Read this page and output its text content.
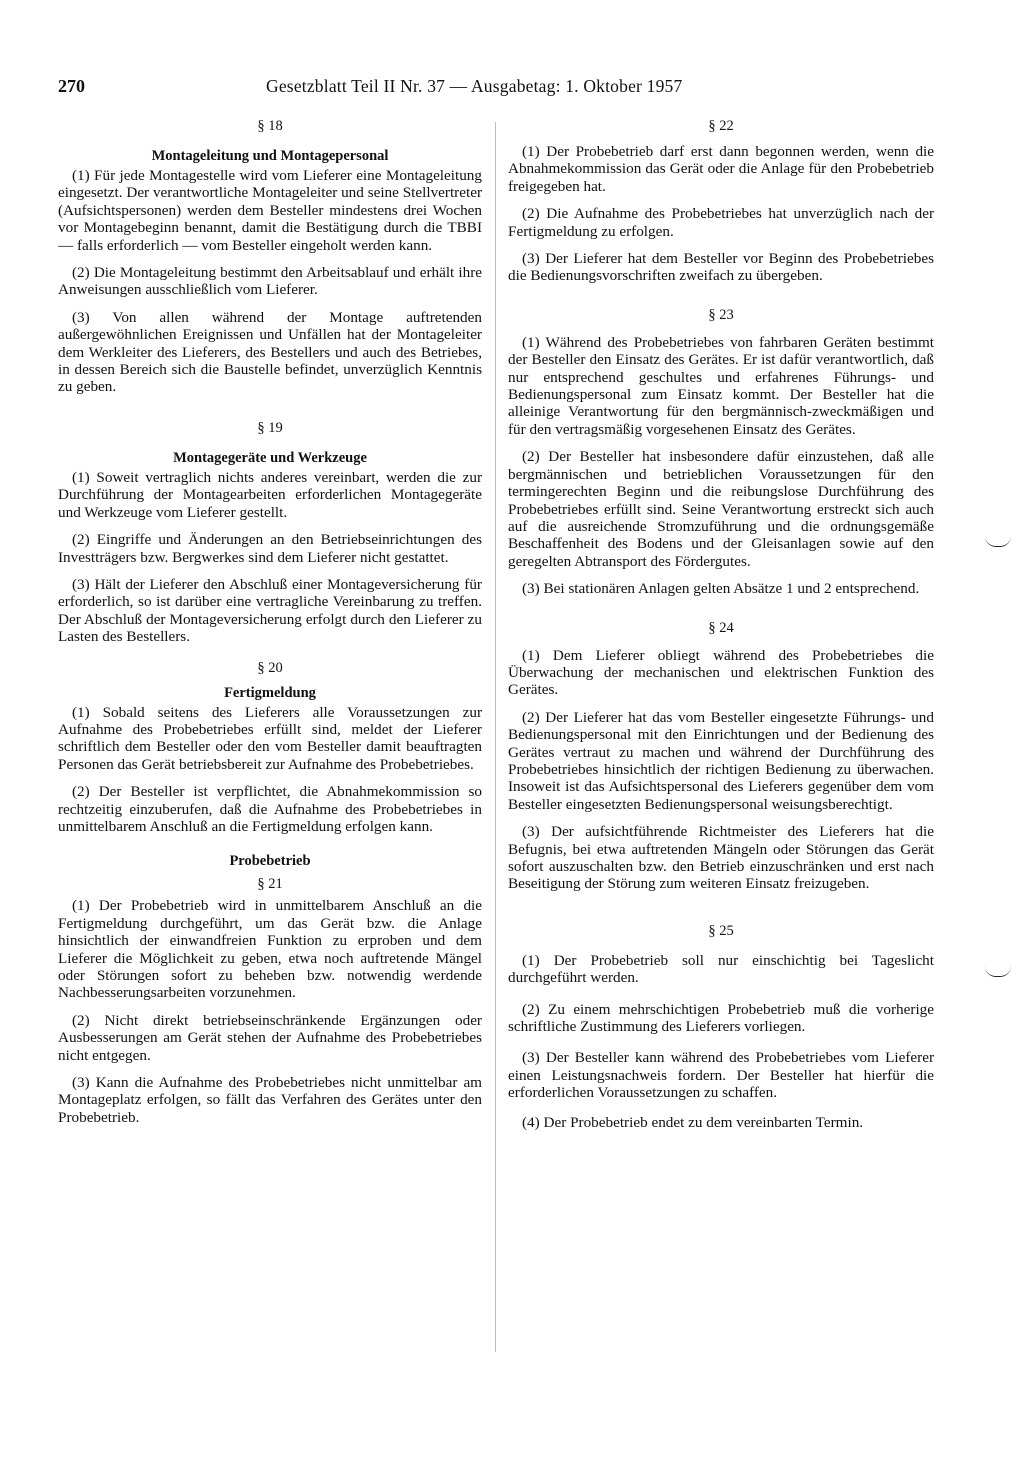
270	Gesetzblatt Teil II Nr. 37 — Ausgabetag: 1. Oktober 1957

§ 18

Montageleitung und Montagepersonal

(1) Für jede Montagestelle wird vom Lieferer eine Montageleitung eingesetzt. Der verantwortliche Montageleiter und seine Stellvertreter (Aufsichtspersonen) werden dem Besteller mindestens drei Wochen vor Montagebeginn benannt, damit die Bestätigung durch die TBBI — falls erforderlich — vom Besteller eingeholt werden kann.

(2) Die Montageleitung bestimmt den Arbeitsablauf und erhält ihre Anweisungen ausschließlich vom Lieferer.

(3) Von allen während der Montage auftretenden außergewöhnlichen Ereignissen und Unfällen hat der Montageleiter dem Werkleiter des Lieferers, des Bestellers und auch des Betriebes, in dessen Bereich sich die Baustelle befindet, unverzüglich Kenntnis zu geben.

§ 19

Montagegeräte und Werkzeuge

(1) Soweit vertraglich nichts anderes vereinbart, werden die zur Durchführung der Montagearbeiten erforderlichen Montagegeräte und Werkzeuge vom Lieferer gestellt.

(2) Eingriffe und Änderungen an den Betriebseinrichtungen des Investträgers bzw. Bergwerkes sind dem Lieferer nicht gestattet.

(3) Hält der Lieferer den Abschluß einer Montageversicherung für erforderlich, so ist darüber eine vertragliche Vereinbarung zu treffen. Der Abschluß der Montageversicherung erfolgt durch den Lieferer zu Lasten des Bestellers.

§ 20

Fertigmeldung

(1) Sobald seitens des Lieferers alle Voraussetzungen zur Aufnahme des Probebetriebes erfüllt sind, meldet der Lieferer schriftlich dem Besteller oder den vom Besteller damit beauftragten Personen das Gerät betriebsbereit zur Aufnahme des Probebetriebes.

(2) Der Besteller ist verpflichtet, die Abnahmekommission so rechtzeitig einzuberufen, daß die Aufnahme des Probebetriebes in unmittelbarem Anschluß an die Fertigmeldung erfolgen kann.

Probebetrieb

§ 21

(1) Der Probebetrieb wird in unmittelbarem Anschluß an die Fertigmeldung durchgeführt, um das Gerät bzw. die Anlage hinsichtlich der einwandfreien Funktion zu erproben und dem Lieferer die Möglichkeit zu geben, etwa noch auftretende Mängel oder Störungen sofort zu beheben bzw. notwendig werdende Nachbesserungsarbeiten vorzunehmen.

(2) Nicht direkt betriebseinschränkende Ergänzungen oder Ausbesserungen am Gerät stehen der Aufnahme des Probebetriebes nicht entgegen.

(3) Kann die Aufnahme des Probebetriebes nicht unmittelbar am Montageplatz erfolgen, so fällt das Verfahren des Gerätes unter den Probebetrieb.

§ 22

(1) Der Probebetrieb darf erst dann begonnen werden, wenn die Abnahmekommission das Gerät oder die Anlage für den Probebetrieb freigegeben hat.

(2) Die Aufnahme des Probebetriebes hat unverzüglich nach der Fertigmeldung zu erfolgen.

(3) Der Lieferer hat dem Besteller vor Beginn des Probebetriebes die Bedienungsvorschriften zweifach zu übergeben.

§ 23

(1) Während des Probebetriebes von fahrbaren Geräten bestimmt der Besteller den Einsatz des Gerätes. Er ist dafür verantwortlich, daß nur entsprechend geschultes und erfahrenes Führungs- und Bedienungspersonal zum Einsatz kommt. Der Besteller hat die alleinige Verantwortung für den bergmännisch-zweckmäßigen und für den vertragsmäßig vorgesehenen Einsatz des Gerätes.

(2) Der Besteller hat insbesondere dafür einzustehen, daß alle bergmännischen und betrieblichen Voraussetzungen für den termingerechten Beginn und die reibungslose Durchführung des Probebetriebes erfüllt sind. Seine Verantwortung erstreckt sich auch auf die ausreichende Stromzuführung und die ordnungsgemäße Beschaffenheit des Bodens und der Gleisanlagen sowie auf den geregelten Abtransport des Fördergutes.

(3) Bei stationären Anlagen gelten Absätze 1 und 2 entsprechend.

§ 24

(1) Dem Lieferer obliegt während des Probebetriebes die Überwachung der mechanischen und elektrischen Funktion des Gerätes.

(2) Der Lieferer hat das vom Besteller eingesetzte Führungs- und Bedienungspersonal mit den Einrichtungen und der Bedienung des Gerätes vertraut zu machen und während der Durchführung des Probebetriebes hinsichtlich der richtigen Bedienung zu überwachen. Insoweit ist das Aufsichtspersonal des Lieferers gegenüber dem vom Besteller eingesetzten Bedienungspersonal weisungsberechtigt.

(3) Der aufsichtführende Richtmeister des Lieferers hat die Befugnis, bei etwa auftretenden Mängeln oder Störungen das Gerät sofort auszuschalten bzw. den Betrieb einzuschränken und erst nach Beseitigung der Störung zum weiteren Einsatz freizugeben.

§ 25

(1) Der Probebetrieb soll nur einschichtig bei Tageslicht durchgeführt werden.

(2) Zu einem mehrschichtigen Probebetrieb muß die vorherige schriftliche Zustimmung des Lieferers vorliegen.

(3) Der Besteller kann während des Probebetriebes vom Lieferer einen Leistungsnachweis fordern. Der Besteller hat hierfür die erforderlichen Voraussetzungen zu schaffen.

(4) Der Probebetrieb endet zu dem vereinbarten Termin.
